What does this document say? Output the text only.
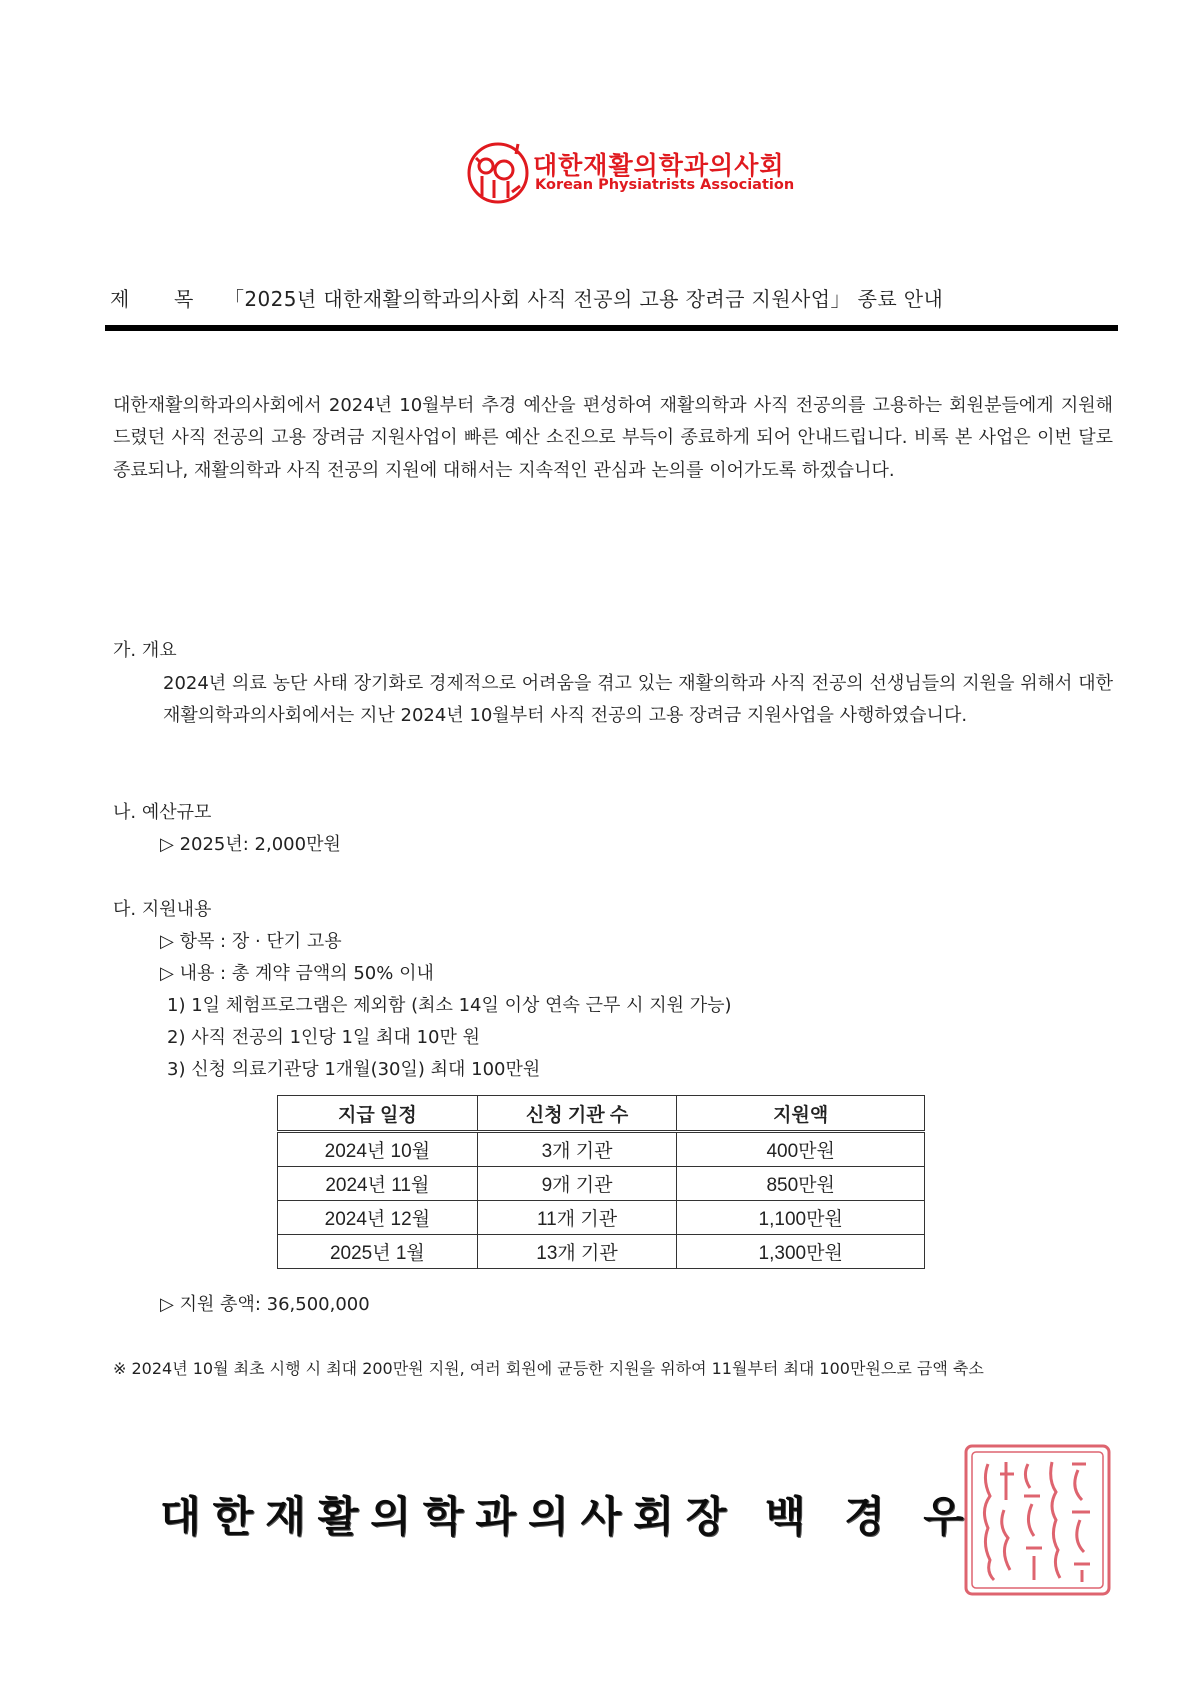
대한재활의학과의사회
Korean Physiatrists Association
제 목 「2025년 대한재활의학과의사회 사직 전공의 고용 장려금 지원사업」 종료 안내
대한재활의학과의사회에서 2024년 10월부터 추경 예산을 편성하여 재활의학과 사직 전공의를 고용하는 회원분들에게 지원해드렸던 사직 전공의 고용 장려금 지원사업이 빠른 예산 소진으로 부득이 종료하게 되어 안내드립니다. 비록 본 사업은 이번 달로 종료되나, 재활의학과 사직 전공의 지원에 대해서는 지속적인 관심과 논의를 이어가도록 하겠습니다.
가. 개요
2024년 의료 농단 사태 장기화로 경제적으로 어려움을 겪고 있는 재활의학과 사직 전공의 선생님들의 지원을 위해서 대한재활의학과의사회에서는 지난 2024년 10월부터 사직 전공의 고용 장려금 지원사업을 사행하였습니다.
나. 예산규모
▷ 2025년: 2,000만원
다. 지원내용
▷ 항목 : 장 · 단기 고용
▷ 내용 : 총 계약 금액의 50% 이내
1) 1일 체험프로그램은 제외함 (최소 14일 이상 연속 근무 시 지원 가능)
2) 사직 전공의 1인당 1일 최대 10만 원
3) 신청 의료기관당 1개월(30일) 최대 100만원
지급 일정	신청 기관 수	지원액
2024년 10월	3개 기관	400만원
2024년 11월	9개 기관	850만원
2024년 12월	11개 기관	1,100만원
2025년 1월	13개 기관	1,300만원
▷ 지원 총액: 36,500,000
※ 2024년 10월 최초 시행 시 최대 200만원 지원, 여러 회원에 균등한 지원을 위하여 11월부터 최대 100만원으로 금액 축소
대한재활의학과의사회장 백 경 우
